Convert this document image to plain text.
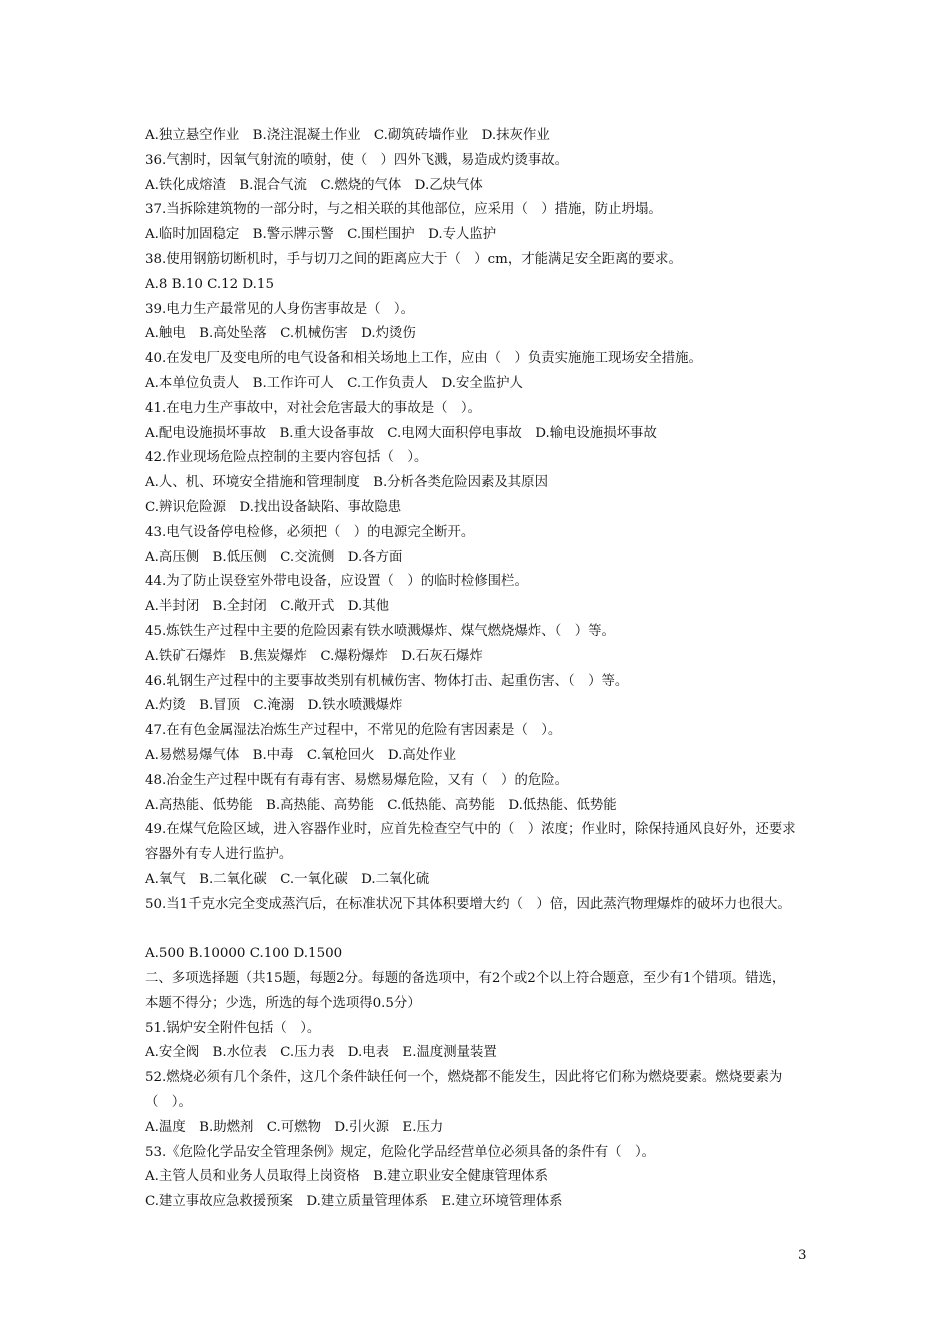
A.独立悬空作业　B.浇注混凝土作业　C.砌筑砖墙作业　D.抹灰作业
36.气割时，因氧气射流的喷射，使（　）四外飞溅，易造成灼烫事故。
A.铁化成熔渣　B.混合气流　C.燃烧的气体　D.乙炔气体
37.当拆除建筑物的一部分时，与之相关联的其他部位，应采用（　）措施，防止坍塌。
A.临时加固稳定　B.警示牌示警　C.围栏围护　D.专人监护
38.使用钢筋切断机时，手与切刀之间的距离应大于（　）cm，才能满足安全距离的要求。
A.8 B.10 C.12 D.15
39.电力生产最常见的人身伤害事故是（　）。
A.触电　B.高处坠落　C.机械伤害　D.灼烫伤
40.在发电厂及变电所的电气设备和相关场地上工作，应由（　）负责实施施工现场安全措施。
A.本单位负责人　B.工作许可人　C.工作负责人　D.安全监护人
41.在电力生产事故中，对社会危害最大的事故是（　）。
A.配电设施损坏事故　B.重大设备事故　C.电网大面积停电事故　D.输电设施损坏事故
42.作业现场危险点控制的主要内容包括（　）。
A.人、机、环境安全措施和管理制度　B.分析各类危险因素及其原因
C.辨识危险源　D.找出设备缺陷、事故隐患
43.电气设备停电检修，必须把（　）的电源完全断开。
A.高压侧　B.低压侧　C.交流侧　D.各方面
44.为了防止误登室外带电设备，应设置（　）的临时检修围栏。
A.半封闭　B.全封闭　C.敞开式　D.其他
45.炼铁生产过程中主要的危险因素有铁水喷溅爆炸、煤气燃烧爆炸、（　）等。
A.铁矿石爆炸　B.焦炭爆炸　C.爆粉爆炸　D.石灰石爆炸
46.轧钢生产过程中的主要事故类别有机械伤害、物体打击、起重伤害、（　）等。
A.灼烫　B.冒顶　C.淹溺　D.铁水喷溅爆炸
47.在有色金属湿法冶炼生产过程中，不常见的危险有害因素是（　）。
A.易燃易爆气体　B.中毒　C.氧枪回火　D.高处作业
48.冶金生产过程中既有有毒有害、易燃易爆危险，又有（　）的危险。
A.高热能、低势能　B.高热能、高势能　C.低热能、高势能　D.低热能、低势能
49.在煤气危险区域，进入容器作业时，应首先检查空气中的（　）浓度；作业时，除保持通风良好外，还要求
容器外有专人进行监护。
A.氧气　B.二氧化碳　C.一氧化碳　D.二氧化硫
50.当1千克水完全变成蒸汽后，在标准状况下其体积要增大约（　）倍，因此蒸汽物理爆炸的破坏力也很大。
A.500 B.10000 C.100 D.1500
二、多项选择题（共15题，每题2分。每题的备选项中，有2个或2个以上符合题意，至少有1个错项。错选，
本题不得分；少选，所选的每个选项得0.5分）
51.锅炉安全附件包括（　）。
A.安全阀　B.水位表　C.压力表　D.电表　E.温度测量装置
52.燃烧必须有几个条件，这几个条件缺任何一个，燃烧都不能发生，因此将它们称为燃烧要素。燃烧要素为
（　）。
A.温度　B.助燃剂　C.可燃物　D.引火源　E.压力
53.《危险化学品安全管理条例》规定，危险化学品经营单位必须具备的条件有（　）。
A.主管人员和业务人员取得上岗资格　B.建立职业安全健康管理体系
C.建立事故应急救援预案　D.建立质量管理体系　E.建立环境管理体系
3
